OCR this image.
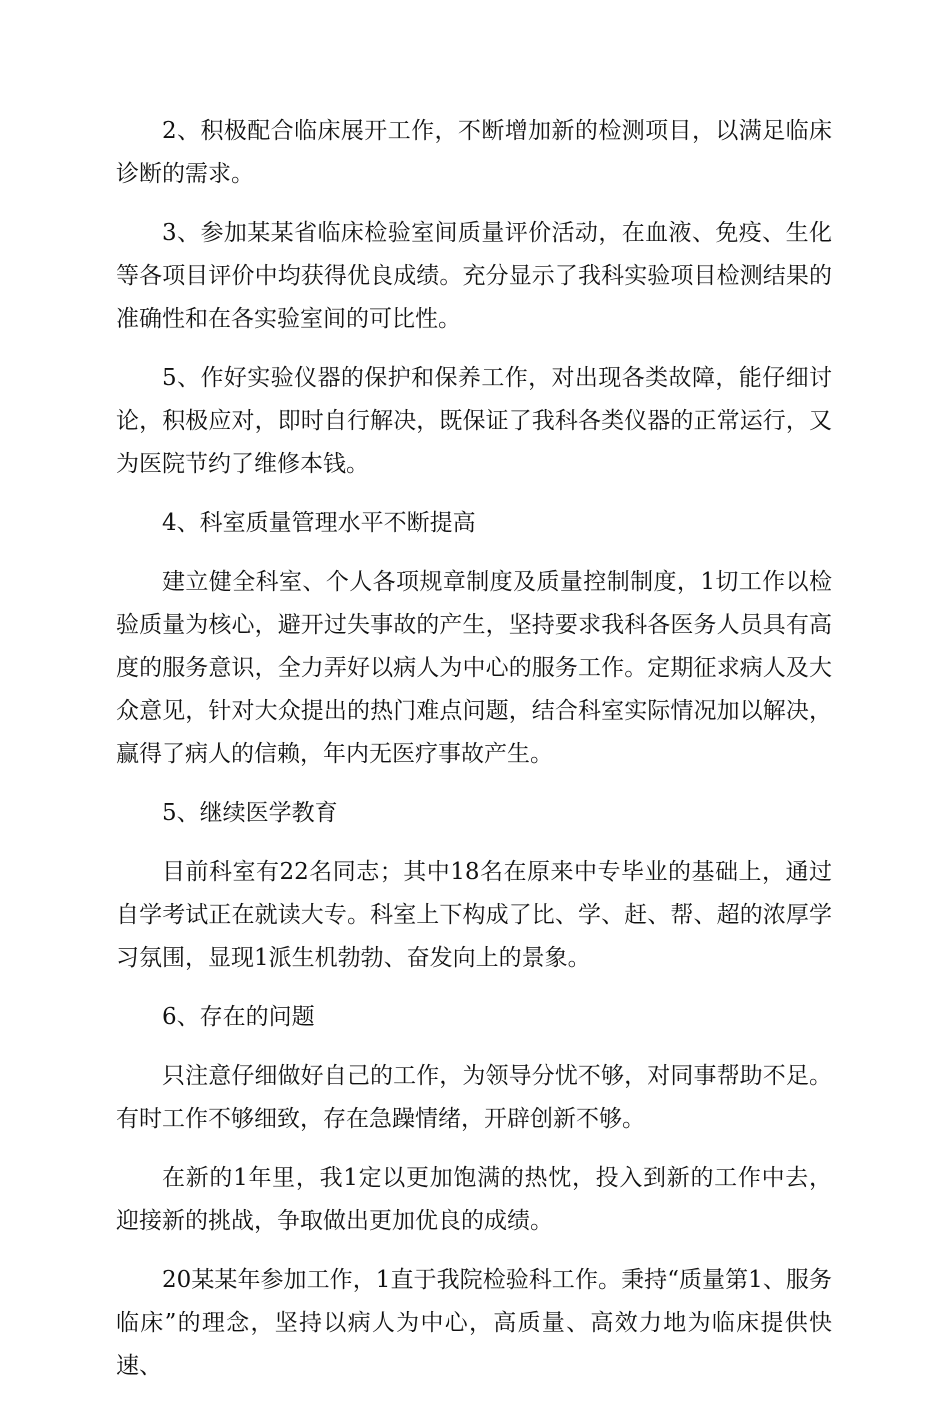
2、积极配合临床展开工作，不断增加新的检测项目，以满足临床诊断的需求。

3、参加某某省临床检验室间质量评价活动，在血液、免疫、生化等各项目评价中均获得优良成绩。充分显示了我科实验项目检测结果的准确性和在各实验室间的可比性。

5、作好实验仪器的保护和保养工作，对出现各类故障，能仔细讨论，积极应对，即时自行解决，既保证了我科各类仪器的正常运行，又为医院节约了维修本钱。

4、科室质量管理水平不断提高

建立健全科室、个人各项规章制度及质量控制制度，1切工作以检验质量为核心，避开过失事故的产生，坚持要求我科各医务人员具有高度的服务意识，全力弄好以病人为中心的服务工作。定期征求病人及大众意见，针对大众提出的热门难点问题，结合科室实际情况加以解决，赢得了病人的信赖，年内无医疗事故产生。

5、继续医学教育

目前科室有22名同志；其中18名在原来中专毕业的基础上，通过自学考试正在就读大专。科室上下构成了比、学、赶、帮、超的浓厚学习氛围，显现1派生机勃勃、奋发向上的景象。

6、存在的问题

只注意仔细做好自己的工作，为领导分忧不够，对同事帮助不足。有时工作不够细致，存在急躁情绪，开辟创新不够。

在新的1年里，我1定以更加饱满的热忱，投入到新的工作中去，迎接新的挑战，争取做出更加优良的成绩。

20某某年参加工作，1直于我院检验科工作。秉持“质量第1、服务临床”的理念，坚持以病人为中心，高质量、高效力地为临床提供快速、
